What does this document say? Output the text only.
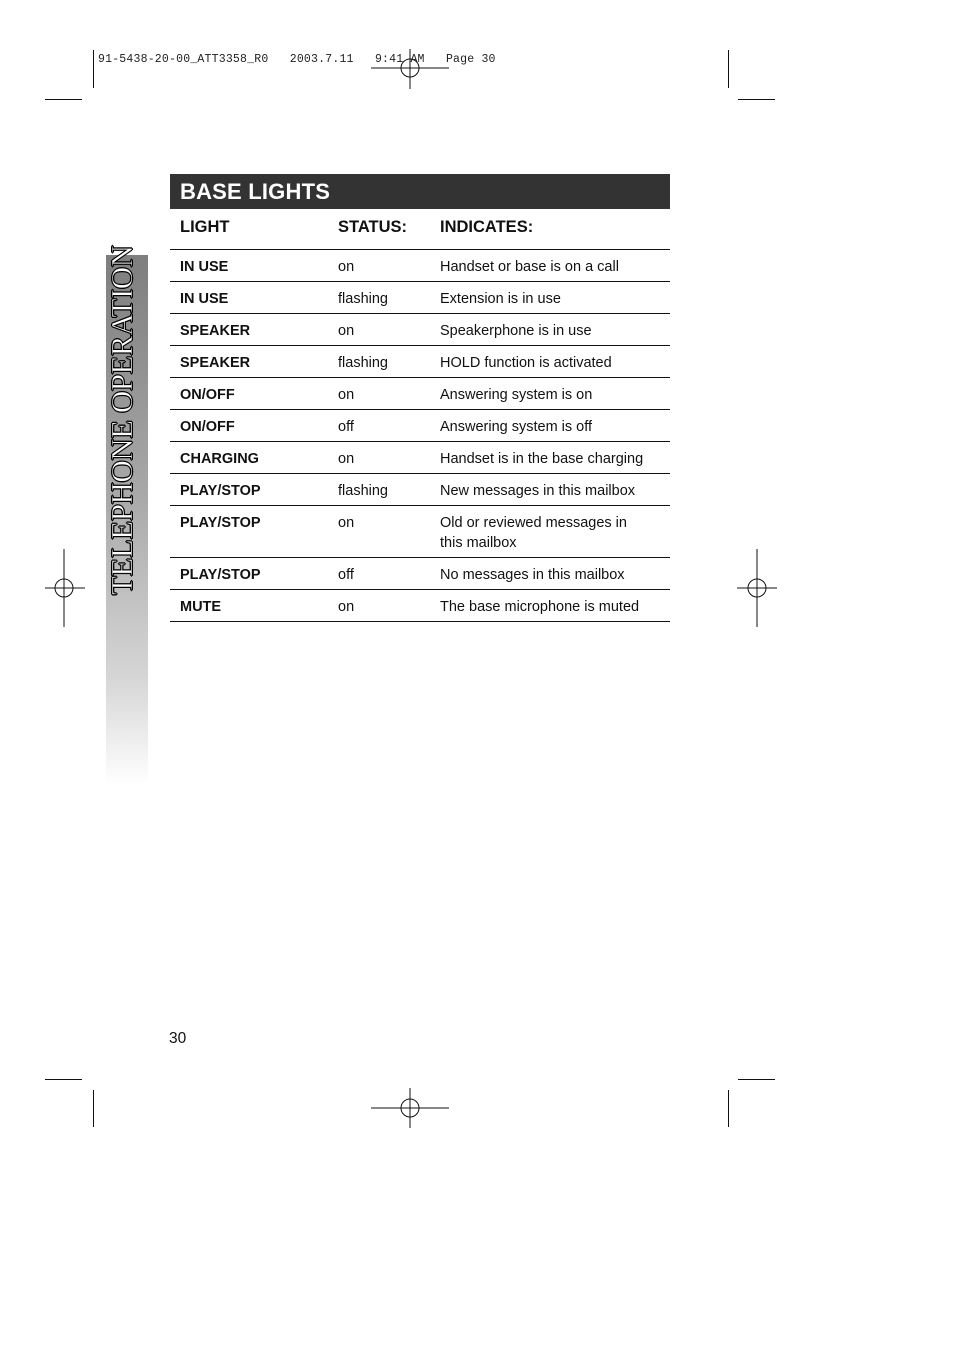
91-5438-20-00_ATT3358_R0   2003.7.11   9:41 AM   Page 30
TELEPHONE OPERATION
BASE LIGHTS
LIGHT	STATUS:	INDICATES:
IN USE	on	Handset or base is on a call
IN USE	flashing	Extension is in use
SPEAKER	on	Speakerphone is in use
SPEAKER	flashing	HOLD function is activated
ON/OFF	on	Answering system is on
ON/OFF	off	Answering system is off
CHARGING	on	Handset is in the base charging
PLAY/STOP	flashing	New messages in this mailbox
PLAY/STOP	on	Old or reviewed messages in this mailbox
PLAY/STOP	off	No messages in this mailbox
MUTE	on	The base microphone is muted
30
